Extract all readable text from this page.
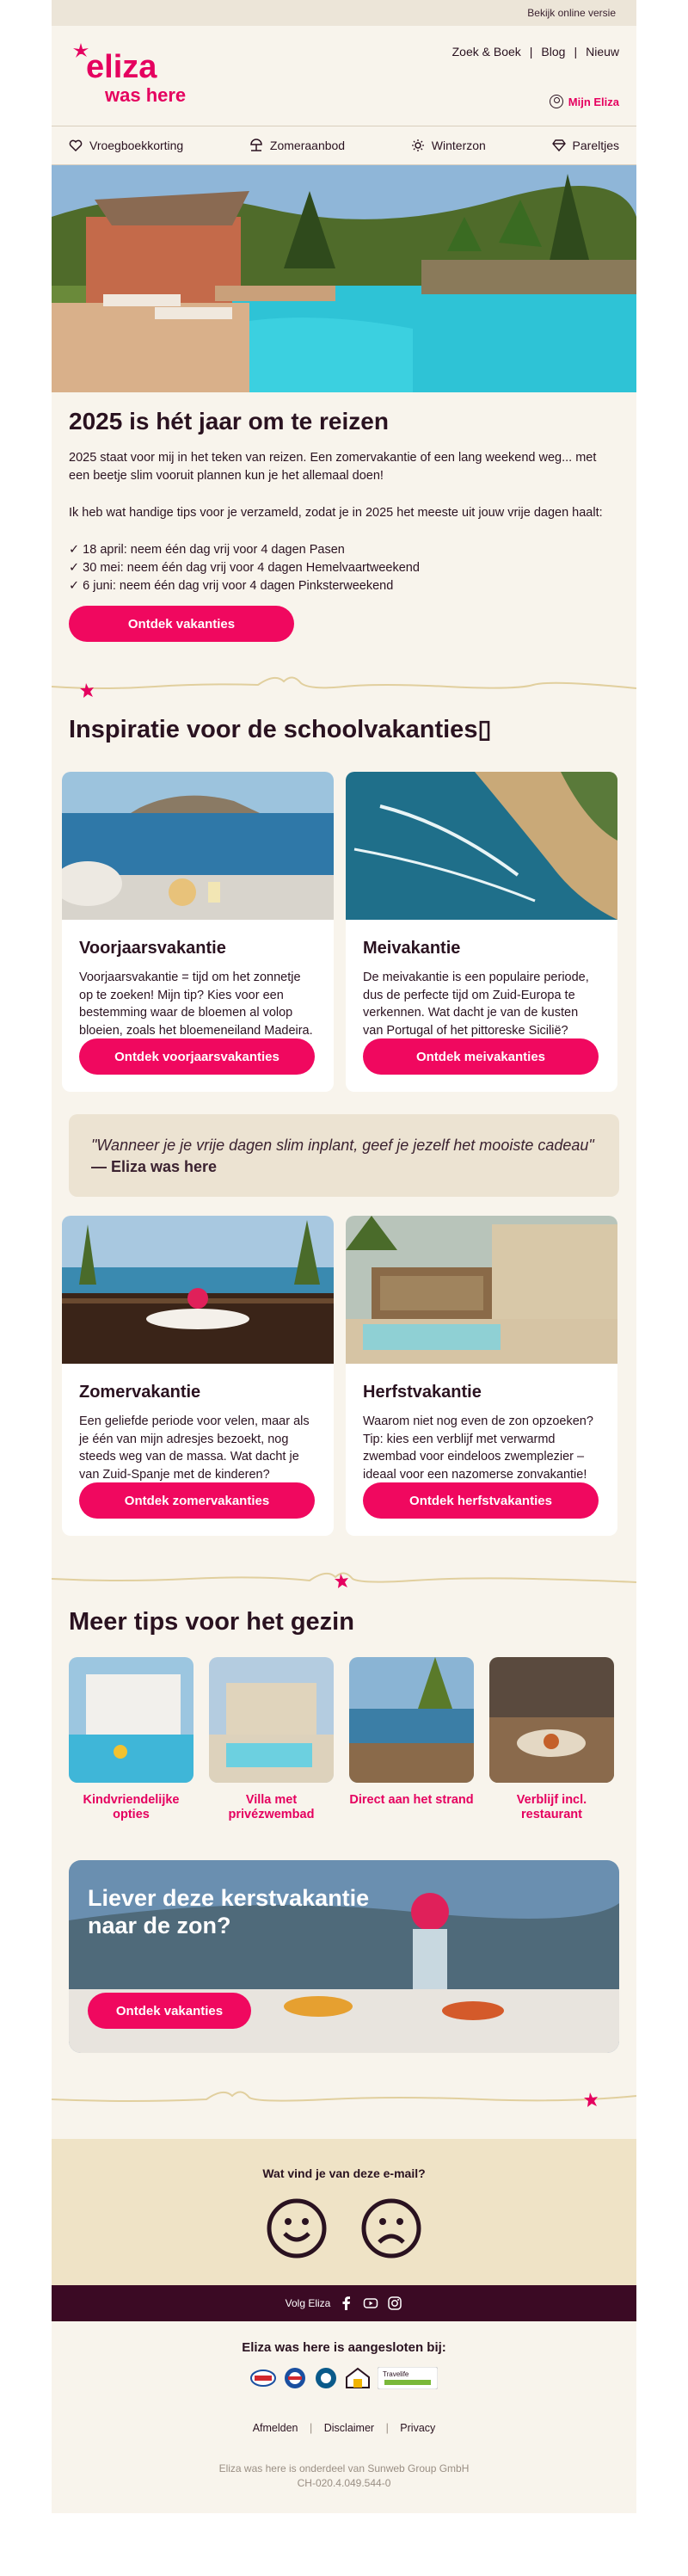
Bekijk online versie
eliza
was here
Zoek & Boek | Blog | Nieuw
Mijn Eliza
Vroegboekkorting	Zomeraanbod	Winterzon	Pareltjes
2025 is hét jaar om te reizen

2025 staat voor mij in het teken van reizen. Een zomervakantie of een lang weekend weg... met een beetje slim vooruit plannen kun je het allemaal doen!

Ik heb wat handige tips voor je verzameld, zodat je in 2025 het meeste uit jouw vrije dagen haalt:

✓ 18 april: neem één dag vrij voor 4 dagen Pasen

✓ 30 mei: neem één dag vrij voor 4 dagen Hemelvaartweekend

✓ 6 juni: neem één dag vrij voor 4 dagen Pinksterweekend

Ontdek vakanties
Inspiratie voor de schoolvakanties▯
Voorjaarsvakantie
Voorjaarsvakantie = tijd om het zonnetje op te zoeken! Mijn tip? Kies voor een bestemming waar de bloemen al volop bloeien, zoals het bloemeneiland Madeira.
Ontdek voorjaarsvakanties
Meivakantie
De meivakantie is een populaire periode, dus de perfecte tijd om Zuid-Europa te verkennen. Wat dacht je van de kusten van Portugal of het pittoreske Sicilië?
Ontdek meivakanties
"Wanneer je je vrije dagen slim inplant, geef je jezelf het mooiste cadeau" — Eliza was here
Zomervakantie
Een geliefde periode voor velen, maar als je één van mijn adresjes bezoekt, nog steeds weg van de massa. Wat dacht je van Zuid-Spanje met de kinderen?
Ontdek zomervakanties
Herfstvakantie
Waarom niet nog even de zon opzoeken? Tip: kies een verblijf met verwarmd zwembad voor eindeloos zwemplezier – ideaal voor een nazomerse zonvakantie!
Ontdek herfstvakanties
Meer tips voor het gezin
Kindvriendelijke opties
Villa met privézwembad
Direct aan het strand	Verblijf incl. restaurant
Liever deze kerstvakantie naar de zon?
Ontdek vakanties
Wat vind je van deze e-mail?
Volg Eliza
Eliza was here is aangesloten bij:
Travelife
Afmelden | Disclaimer | Privacy
Eliza was here is onderdeel van Sunweb Group GmbH
CH-020.4.049.544-0
